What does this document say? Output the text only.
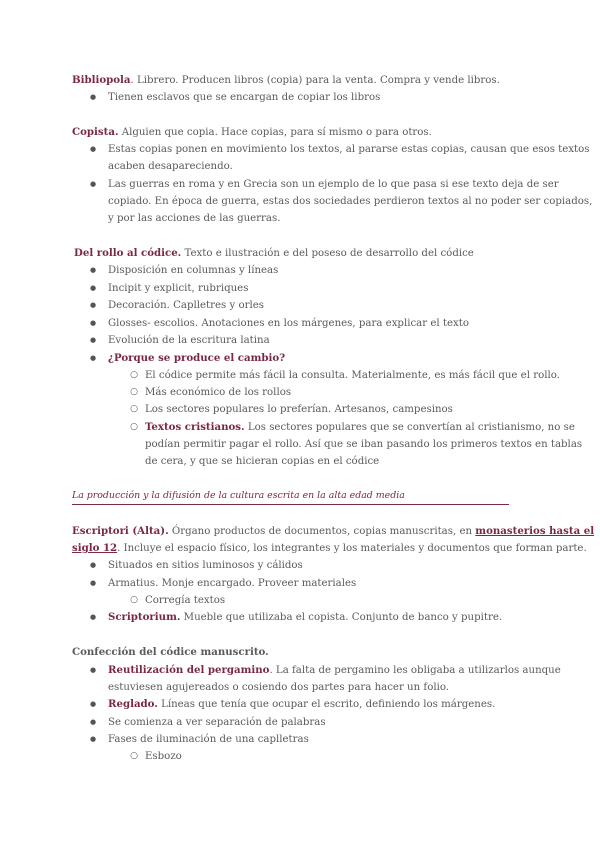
Bibliopola. Librero. Producen libros (copia) para la venta. Compra y vende libros.
●	Tienen esclavos que se encargan de copiar los libros
Copista. Alguien que copia. Hace copias, para sí mismo o para otros.
●	Estas copias ponen en movimiento los textos, al pararse estas copias, causan que esos textos
acaben desapareciendo.
●	Las guerras en roma y en Grecia son un ejemplo de lo que pasa si ese texto deja de ser
copiado. En época de guerra, estas dos sociedades perdieron textos al no poder ser copiados,
y por las acciones de las guerras.
Del rollo al códice. Texto e ilustración e del poseso de desarrollo del códice
●	Disposición en columnas y líneas
●	Incipit y explicit, rubriques
●	Decoración. Caplletres y orles
●	Glosses- escolios. Anotaciones en los márgenes, para explicar el texto
●	Evolución de la escritura latina
●	¿Porque se produce el cambio?
○ El códice permite más fácil la consulta. Materialmente, es más fácil que el rollo.
○ Más económico de los rollos
○ Los sectores populares lo preferían. Artesanos, campesinos
○ Textos cristianos. Los sectores populares que se convertían al cristianismo, no se
podían permitir pagar el rollo. Así que se iban pasando los primeros textos en tablas
de cera, y que se hicieran copias en el códice
La producción y la difusión de la cultura escrita en la alta edad media
Escriptori (Alta). Órgano productos de documentos, copias manuscritas, en monasterios hasta el
siglo 12. Incluye el espacio físico, los integrantes y los materiales y documentos que forman parte.
●	Situados en sitios luminosos y cálidos
●	Armatius. Monje encargado. Proveer materiales
○ Corregía textos
●	Scriptorium. Mueble que utilizaba el copista. Conjunto de banco y pupitre.
Confección del códice manuscrito.
●	Reutilización del pergamino. La falta de pergamino les obligaba a utilizarlos aunque
estuviesen agujereados o cosiendo dos partes para hacer un folio.
●	Reglado. Líneas que tenía que ocupar el escrito, definiendo los márgenes.
●	Se comienza a ver separación de palabras
●	Fases de iluminación de una caplletras
○ Esbozo
